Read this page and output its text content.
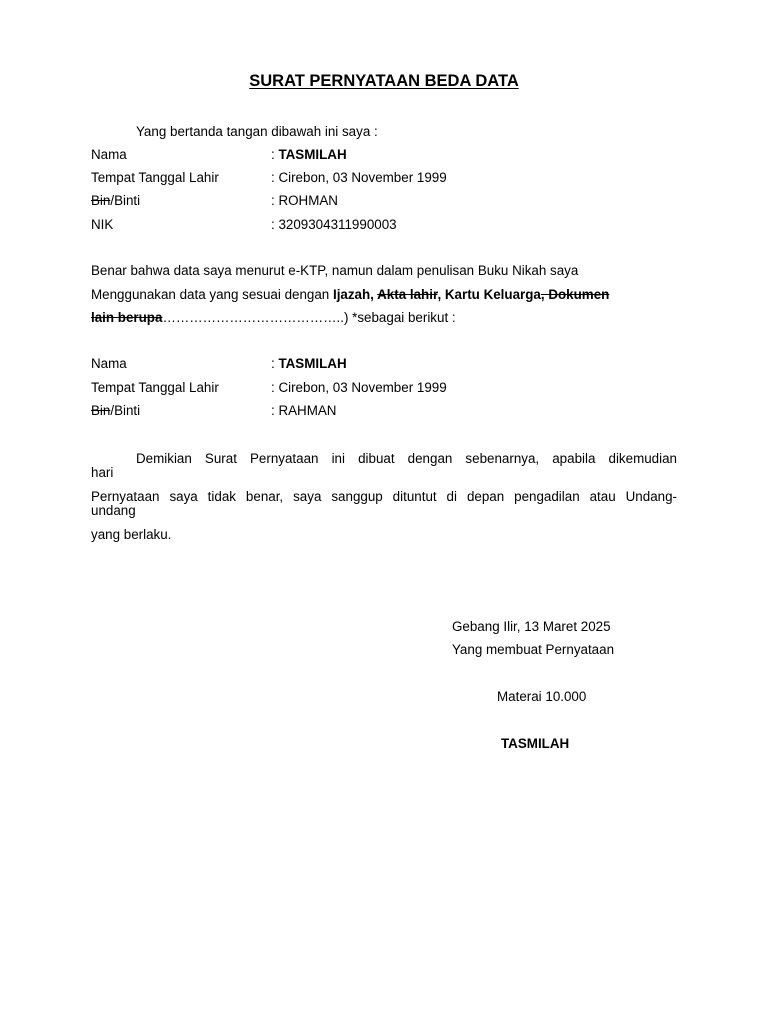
SURAT PERNYATAAN BEDA DATA
Yang bertanda tangan dibawah ini saya :
Nama	: TASMILAH
Tempat Tanggal Lahir	: Cirebon, 03 November 1999
Bin/Binti	: ROHMAN
NIK	: 3209304311990003
Benar bahwa data saya menurut e-KTP, namun dalam penulisan Buku Nikah saya
Menggunakan data yang sesuai dengan Ijazah, Akta lahir, Kartu Keluarga, Dokumen
lain berupa…………………………………..) *sebagai berikut :
Nama	: TASMILAH
Tempat Tanggal Lahir	: Cirebon, 03 November 1999
Bin/Binti	: RAHMAN
Demikian Surat Pernyataan ini dibuat dengan sebenarnya, apabila dikemudian
hari
Pernyataan saya tidak benar, saya sanggup dituntut di depan pengadilan atau Undang-
undang
yang berlaku.
Gebang Ilir, 13 Maret 2025
Yang membuat Pernyataan
Materai 10.000
TASMILAH
